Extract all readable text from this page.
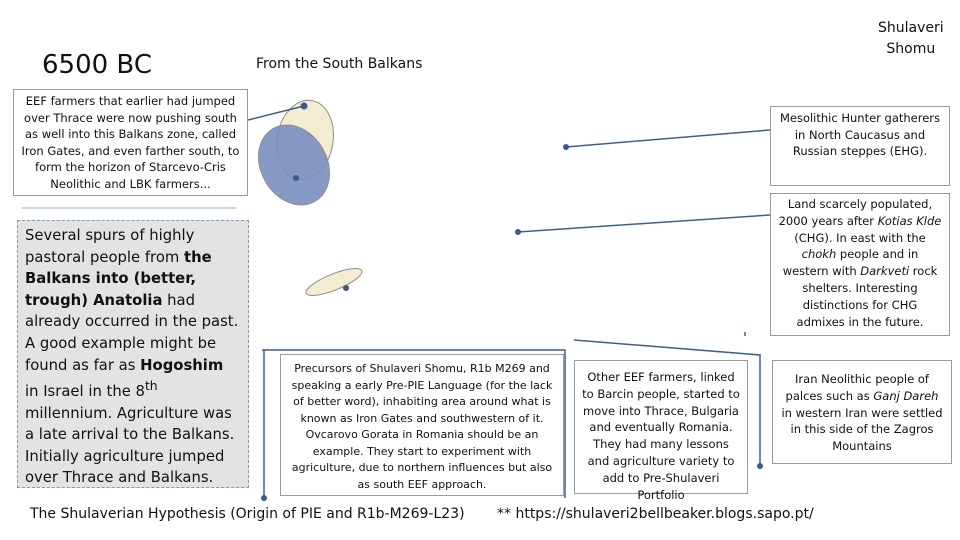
6500 BC	From the South Balkans
Shulaveri
Shomu
EEF farmers that earlier had jumped over Thrace were now pushing south as well into this Balkans zone, called Iron Gates, and even farther south, to form the horizon of Starcevo-Cris Neolithic and LBK farmers...
Several spurs of highly pastoral people from the Balkans into (better, trough) Anatolia had already occurred in the past. A good example might be found as far as Hogoshim in Israel in the 8th millennium. Agriculture was a late arrival to the Balkans. Initially agriculture jumped over Thrace and Balkans.
Mesolithic Hunter gatherers in North Caucasus and Russian steppes (EHG).
Land scarcely populated, 2000 years after Kotias Klde (CHG). In east with the chokh people and in western with Darkveti rock shelters. Interesting distinctions for CHG admixes in the future.
Precursors of Shulaveri Shomu, R1b M269 and speaking a early Pre-PIE Language (for the lack of better word), inhabiting area around what is known as Iron Gates and southwestern of it. Ovcarovo Gorata in Romania should be an example. They start to experiment with agriculture, due to northern influences but also as south EEF approach.
Other EEF farmers, linked to Barcin people, started to move into Thrace, Bulgaria and eventually Romania. They had many lessons and agriculture variety to add to Pre-Shulaveri Portfolio
Iran Neolithic people of palces such as Ganj Dareh in western Iran were settled in this side of the Zagros Mountains
The Shulaverian Hypothesis (Origin of PIE and R1b-M269-L23) ** https://shulaveri2bellbeaker.blogs.sapo.pt/
